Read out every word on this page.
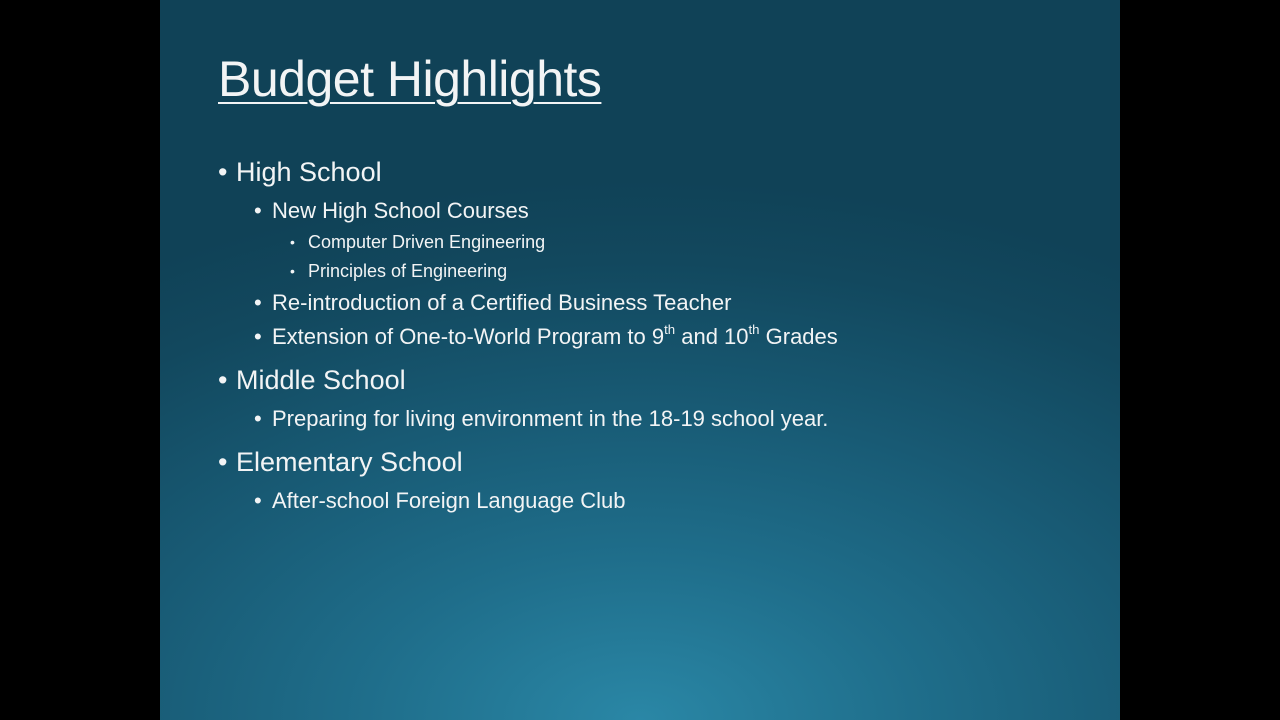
Budget Highlights
• High School
• New High School Courses
• Computer Driven Engineering
• Principles of Engineering
• Re-introduction of a Certified Business Teacher
• Extension of One-to-World Program to 9th and 10th Grades
• Middle School
• Preparing for living environment in the 18-19 school year.
• Elementary School
• After-school Foreign Language Club
